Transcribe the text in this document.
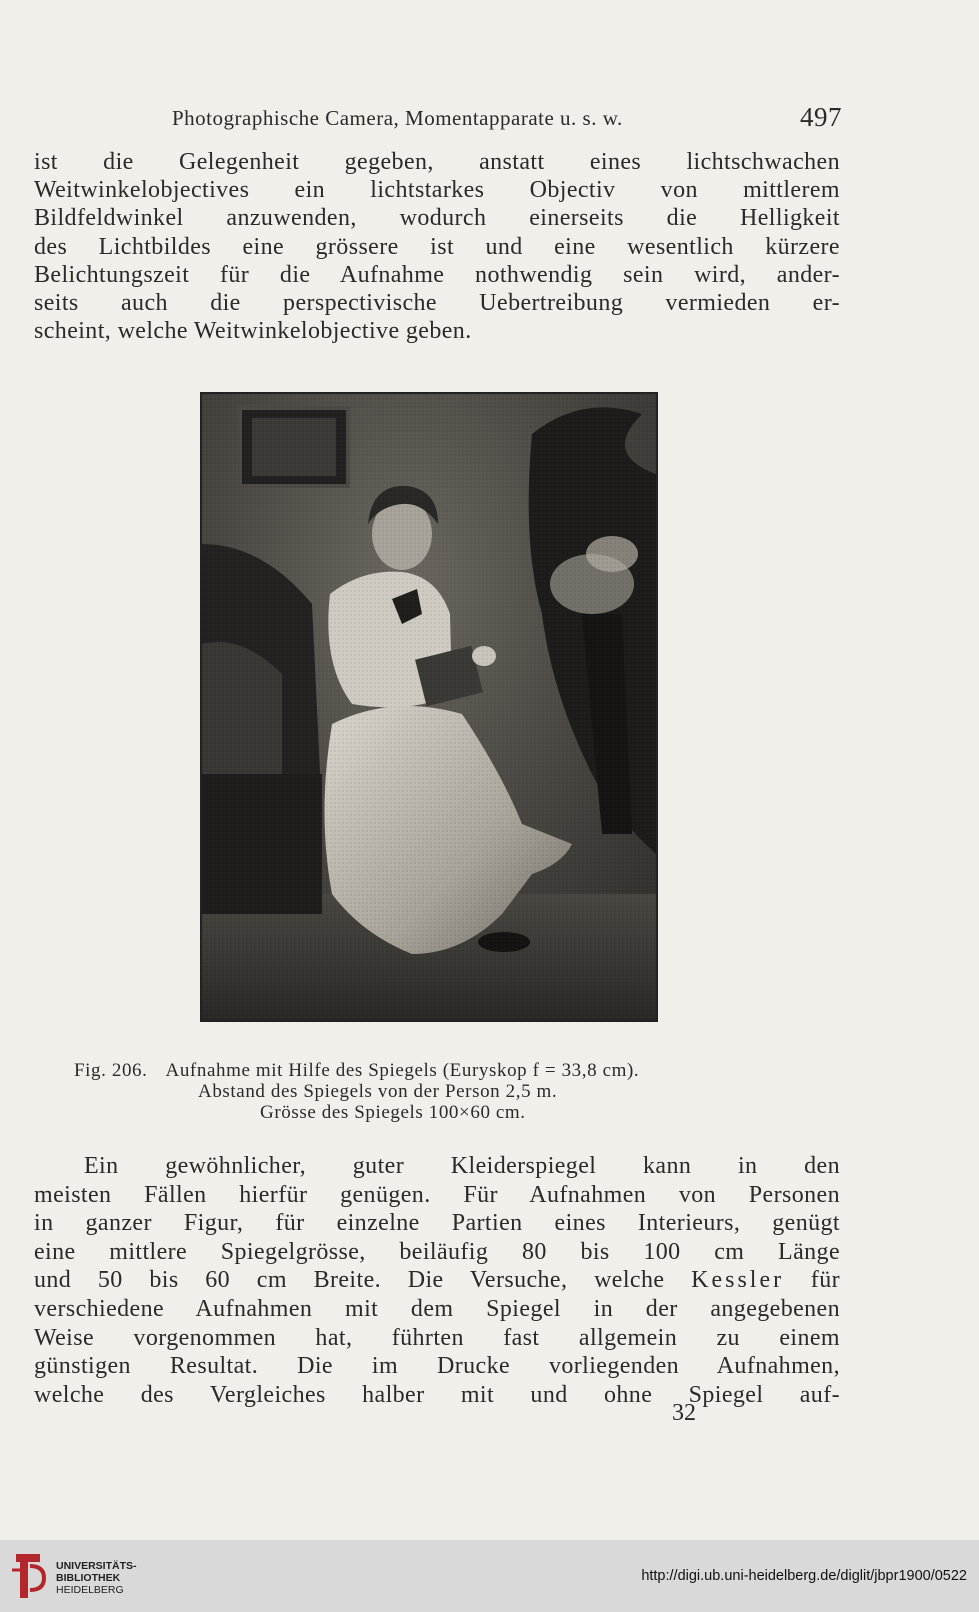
Photographische Camera, Momentapparate u. s. w.	497
ist die Gelegenheit gegeben, anstatt eines lichtschwachen
Weitwinkelobjectives ein lichtstarkes Objectiv von mittlerem
Bildfeldwinkel anzuwenden, wodurch einerseits die Helligkeit
des Lichtbildes eine grössere ist und eine wesentlich kürzere
Belichtungszeit für die Aufnahme nothwendig sein wird, ander-
seits auch die perspectivische Uebertreibung vermieden er-
scheint, welche Weitwinkelobjective geben.
Fig. 206. Aufnahme mit Hilfe des Spiegels (Euryskop f = 33,8 cm).
Abstand des Spiegels von der Person 2,5 m.
Grösse des Spiegels 100×60 cm.
Ein gewöhnlicher, guter Kleiderspiegel kann in den
meisten Fällen hierfür genügen. Für Aufnahmen von Personen
in ganzer Figur, für einzelne Partien eines Interieurs, genügt
eine mittlere Spiegelgrösse, beiläufig 80 bis 100 cm Länge
und 50 bis 60 cm Breite. Die Versuche, welche Kessler für
verschiedene Aufnahmen mit dem Spiegel in der angegebenen
Weise vorgenommen hat, führten fast allgemein zu einem
günstigen Resultat. Die im Drucke vorliegenden Aufnahmen,
welche des Vergleiches halber mit und ohne Spiegel auf-
32
UNIVERSITÄTS-
BIBLIOTHEK
HEIDELBERG
http://digi.ub.uni-heidelberg.de/diglit/jbpr1900/0522
